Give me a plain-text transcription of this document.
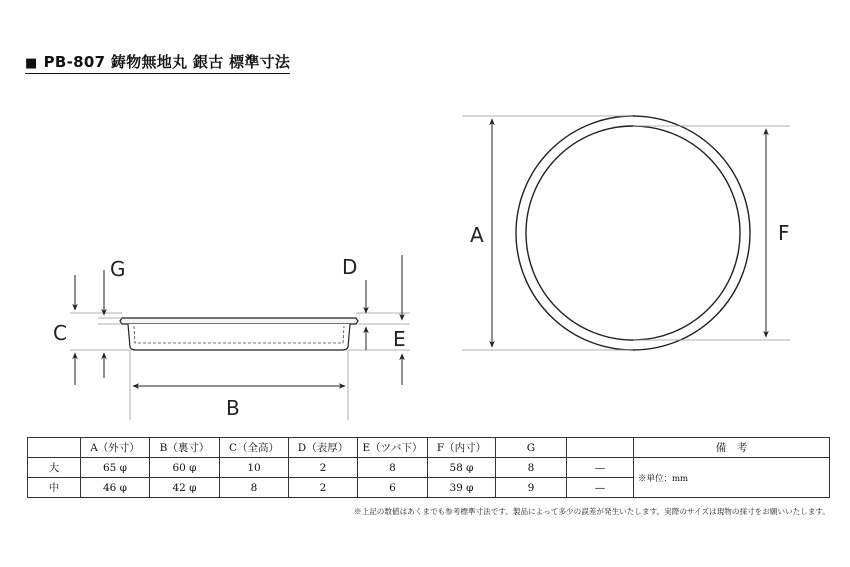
■ PB-807 鋳物無地丸 銀古 標準寸法
C
G	D
E
B
A	F
	A（外寸）	B（裏寸）	C（全高）	D（表厚）	E（ツバ下）	F（内寸）	G		備　考
大	65 φ	60 φ	10	2	8	58 φ	8	—	※単位：mm
中	46 φ	42 φ	8	2	6	39 φ	9	—	
※上記の数値はあくまでも参考標準寸法です。製品によって多少の誤差が発生いたします。実際のサイズは現物の採寸をお願いいたします。
